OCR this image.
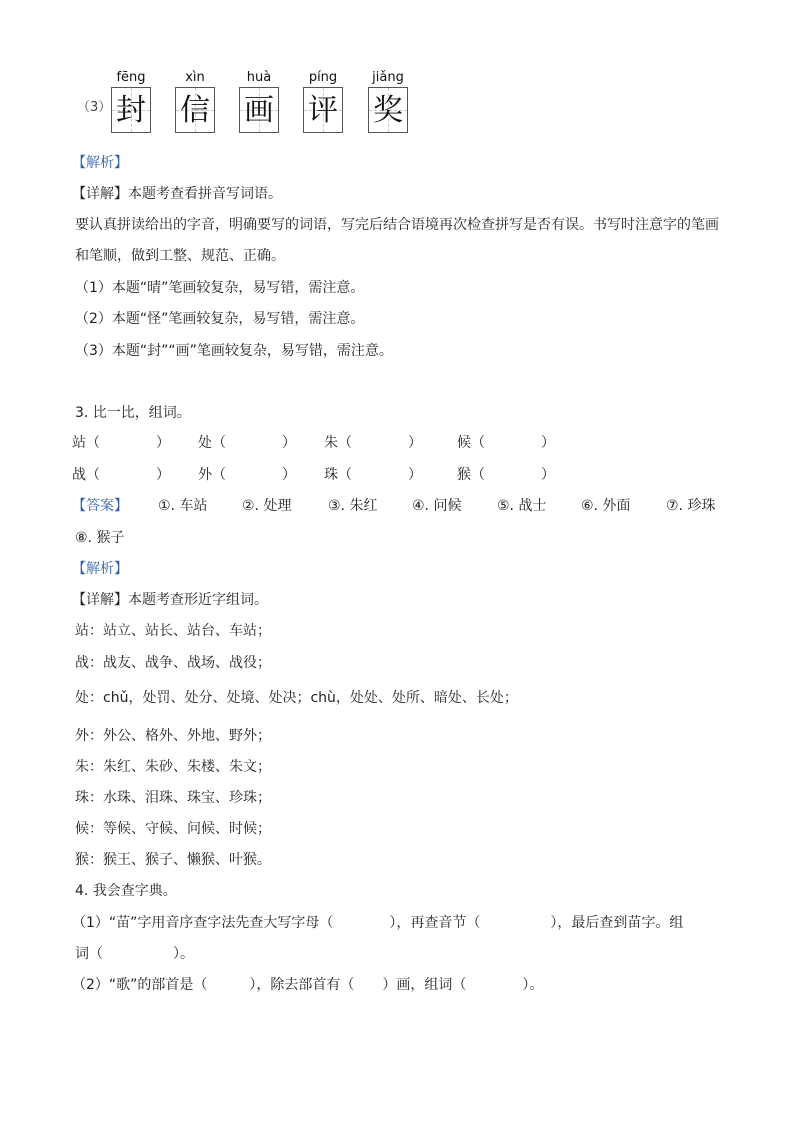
（3）
fēng	xìn	huà	píng	jiǎng
封 信 画 评 奖
【解析】
【详解】本题考查看拼音写词语。
要认真拼读给出的字音，明确要写的词语，写完后结合语境再次检查拼写是否有误。书写时注意字的笔画
和笔顺，做到工整、规范、正确。
（1）本题“晴”笔画较复杂，易写错，需注意。
（2）本题“怪”笔画较复杂，易写错，需注意。
（3）本题“封”“画”笔画较复杂，易写错，需注意。
3. 比一比，组词。
站（　　　　） 处（　　　　） 朱（　　　　）	候（　　　　）
战（　　　　） 外（　　　　） 珠（　　　　）	猴（　　　　）
【答案】 ①. 车站 ②. 处理	③. 朱红 ④. 问候	⑤. 战士 ⑥. 外面	⑦. 珍珠
⑧. 猴子
【解析】
【详解】本题考查形近字组词。
站：站立、站长、站台、车站；
战：战友、战争、战场、战役；
处：chǔ，处罚、处分、处境、处决；chù，处处、处所、暗处、长处；
外：外公、格外、外地、野外；
朱：朱红、朱砂、朱楼、朱文；
珠：水珠、泪珠、珠宝、珍珠；
候：等候、守候、问候、时候；
猴：猴王、猴子、懒猴、叶猴。
4. 我会查字典。
（1）“苗”字用音序查字法先查大写字母（　　　　），再查音节（　　　　　），最后查到苗字。组
词（　　　　　）。
（2）“歌”的部首是（　　　），除去部首有（　　）画，组词（　　　　）。
